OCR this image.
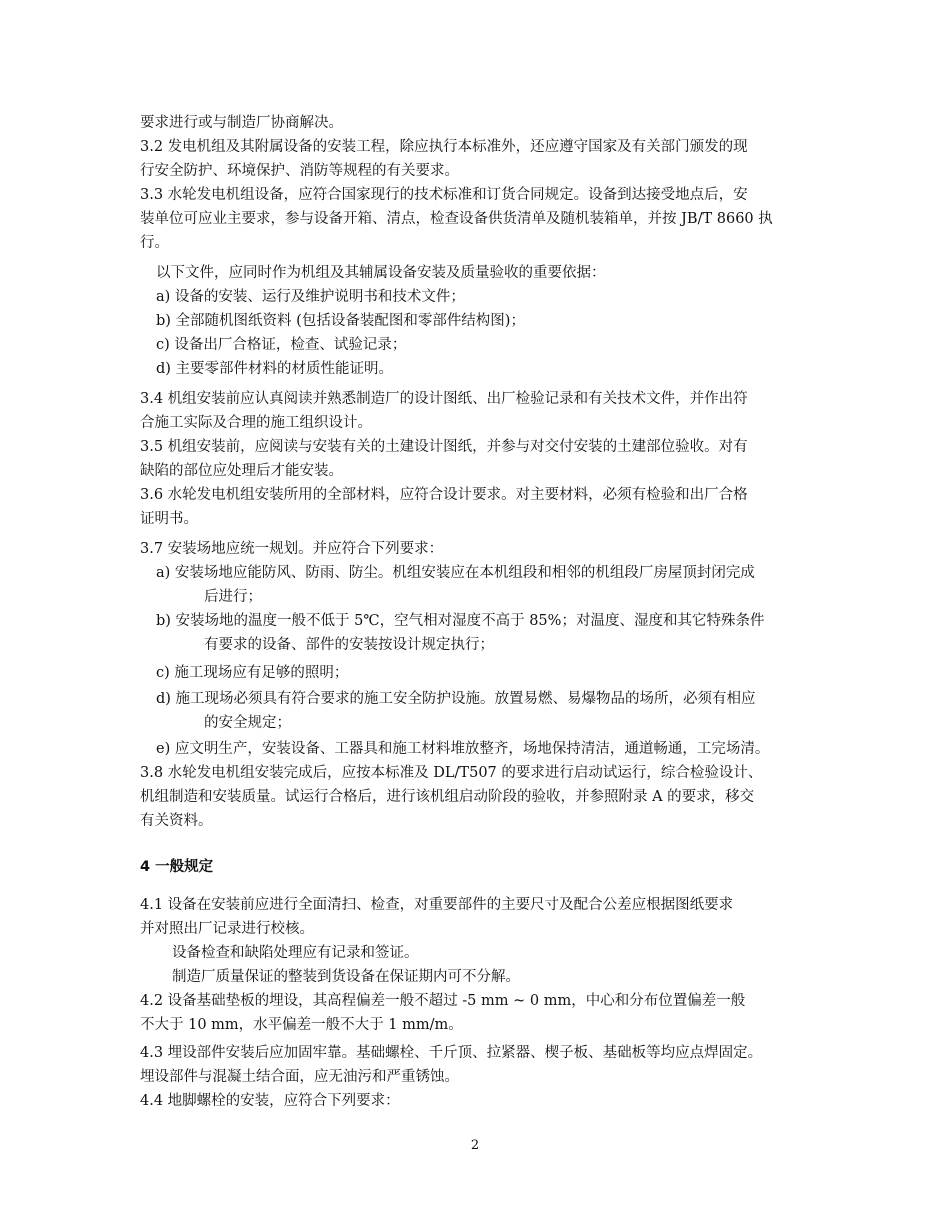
要求进行或与制造厂协商解决。
3.2 发电机组及其附属设备的安装工程，除应执行本标准外，还应遵守国家及有关部门颁发的现
行安全防护、环境保护、消防等规程的有关要求。
3.3 水轮发电机组设备，应符合国家现行的技术标准和订货合同规定。设备到达接受地点后，安
装单位可应业主要求，参与设备开箱、清点，检查设备供货清单及随机装箱单，并按 JB/T 8660 执
行。
以下文件，应同时作为机组及其辅属设备安装及质量验收的重要依据：
a) 设备的安装、运行及维护说明书和技术文件；
b) 全部随机图纸资料 (包括设备装配图和零部件结构图)；
c) 设备出厂合格证，检查、试验记录；
d) 主要零部件材料的材质性能证明。
3.4 机组安装前应认真阅读并熟悉制造厂的设计图纸、出厂检验记录和有关技术文件，并作出符
合施工实际及合理的施工组织设计。
3.5 机组安装前，应阅读与安装有关的土建设计图纸，并参与对交付安装的土建部位验收。对有
缺陷的部位应处理后才能安装。
3.6 水轮发电机组安装所用的全部材料，应符合设计要求。对主要材料，必须有检验和出厂合格
证明书。
3.7 安装场地应统一规划。并应符合下列要求：
a) 安装场地应能防风、防雨、防尘。机组安装应在本机组段和相邻的机组段厂房屋顶封闭完成
后进行；
b) 安装场地的温度一般不低于 5℃，空气相对湿度不高于 85%；对温度、湿度和其它特殊条件
有要求的设备、部件的安装按设计规定执行；
c) 施工现场应有足够的照明；
d) 施工现场必须具有符合要求的施工安全防护设施。放置易燃、易爆物品的场所，必须有相应
的安全规定；
e) 应文明生产，安装设备、工器具和施工材料堆放整齐，场地保持清洁，通道畅通，工完场清。
3.8 水轮发电机组安装完成后，应按本标准及 DL/T507 的要求进行启动试运行，综合检验设计、
机组制造和安装质量。试运行合格后，进行该机组启动阶段的验收，并参照附录 A 的要求，移交
有关资料。
4 一般规定
4.1 设备在安装前应进行全面清扫、检查，对重要部件的主要尺寸及配合公差应根据图纸要求
并对照出厂记录进行校核。
设备检查和缺陷处理应有记录和签证。
制造厂质量保证的整装到货设备在保证期内可不分解。
4.2 设备基础垫板的埋设，其高程偏差一般不超过 -5 mm ~ 0 mm，中心和分布位置偏差一般
不大于 10 mm，水平偏差一般不大于 1 mm/m。
4.3 埋设部件安装后应加固牢靠。基础螺栓、千斤顶、拉紧器、楔子板、基础板等均应点焊固定。
埋设部件与混凝土结合面，应无油污和严重锈蚀。
4.4 地脚螺栓的安装，应符合下列要求：
2
